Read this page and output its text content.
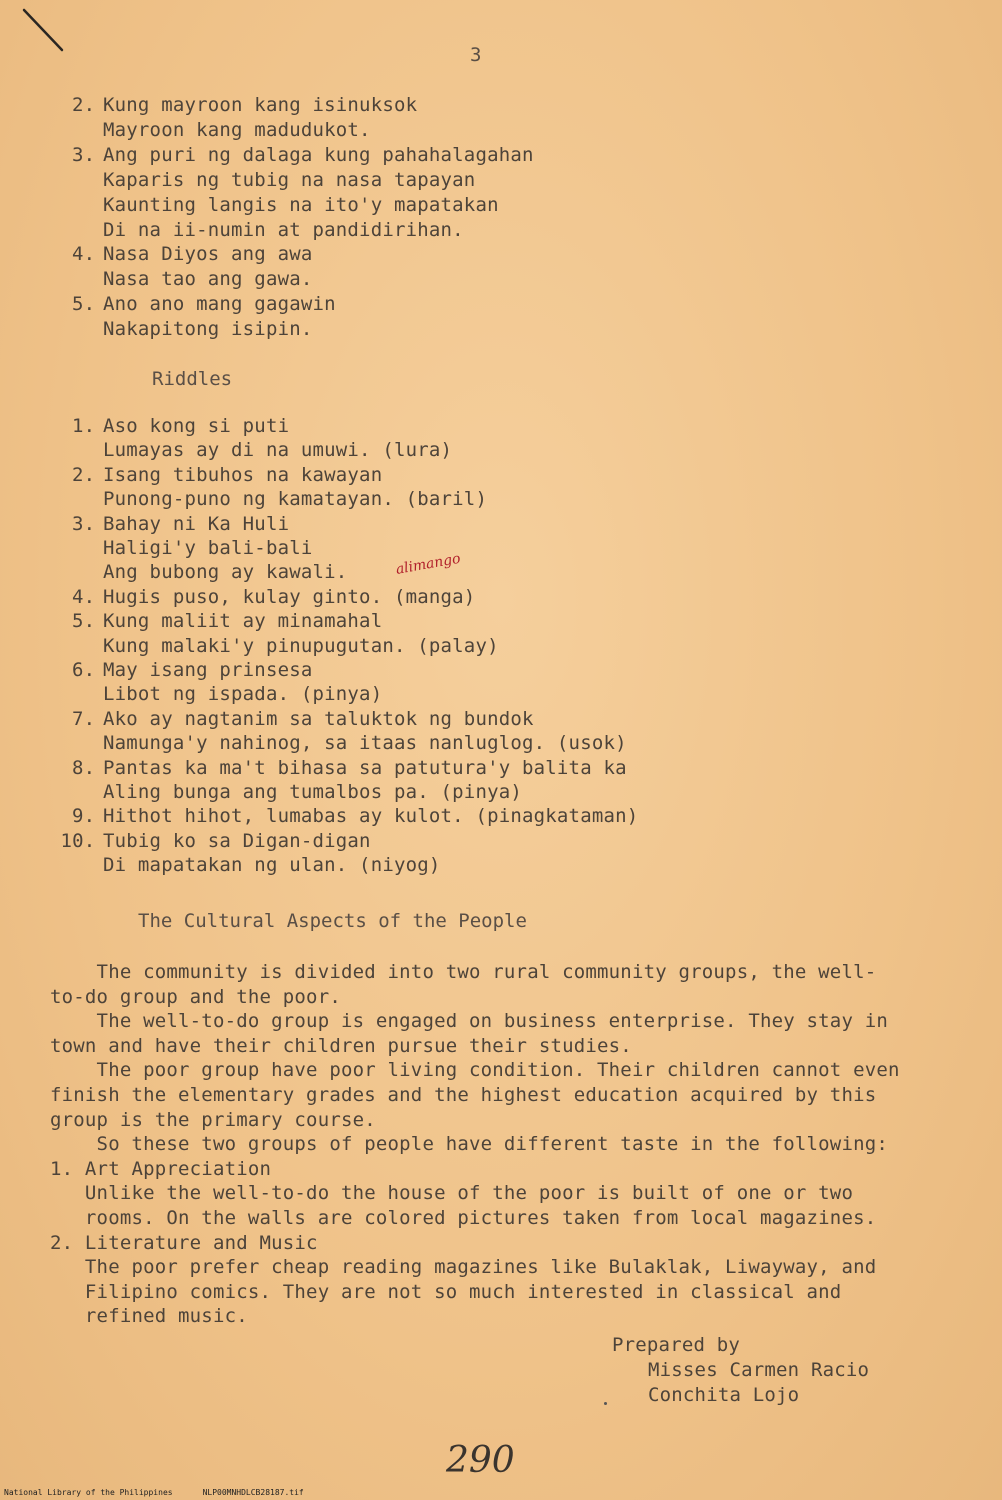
3
2. Kung mayroon kang isinuksok
Mayroon kang madudukot.
3. Ang puri ng dalaga kung pahahalagahan
Kaparis ng tubig na nasa tapayan
Kaunting langis na ito'y mapatakan
Di na ii-numin at pandidirihan.
4. Nasa Diyos ang awa
Nasa tao ang gawa.
5. Ano ano mang gagawin
Nakapitong isipin.
Riddles
1. Aso kong si puti
Lumayas ay di na umuwi. (lura)
2. Isang tibuhos na kawayan
Punong-puno ng kamatayan. (baril)
3. Bahay ni Ka Huli
Haligi'y bali-bali
Ang bubong ay kawali.
4. Hugis puso, kulay ginto. (manga)
5. Kung maliit ay minamahal
Kung malaki'y pinupugutan. (palay)
6. May isang prinsesa
Libot ng ispada. (pinya)
7. Ako ay nagtanim sa taluktok ng bundok
Namunga'y nahinog, sa itaas nanluglog. (usok)
8. Pantas ka ma't bihasa sa patutura'y balita ka
Aling bunga ang tumalbos pa. (pinya)
9. Hithot hihot, lumabas ay kulot. (pinagkataman)
10. Tubig ko sa Digan-digan
Di mapatakan ng ulan. (niyog)
alimango
The Cultural Aspects of the People
The community is divided into two rural community groups, the well-
to-do group and the poor.
The well-to-do group is engaged on business enterprise. They stay in
town and have their children pursue their studies.
The poor group have poor living condition. Their children cannot even
finish the elementary grades and the highest education acquired by this
group is the primary course.
So these two groups of people have different taste in the following:
1. Art Appreciation
Unlike the well-to-do the house of the poor is built of one or two
rooms. On the walls are colored pictures taken from local magazines.
2. Literature and Music
The poor prefer cheap reading magazines like Bulaklak, Liwayway, and
Filipino comics. They are not so much interested in classical and
refined music.
Prepared by
Misses Carmen Racio
Conchita Lojo
290
National Library of the Philippines	NLP00MNHDLCB28187.tif
